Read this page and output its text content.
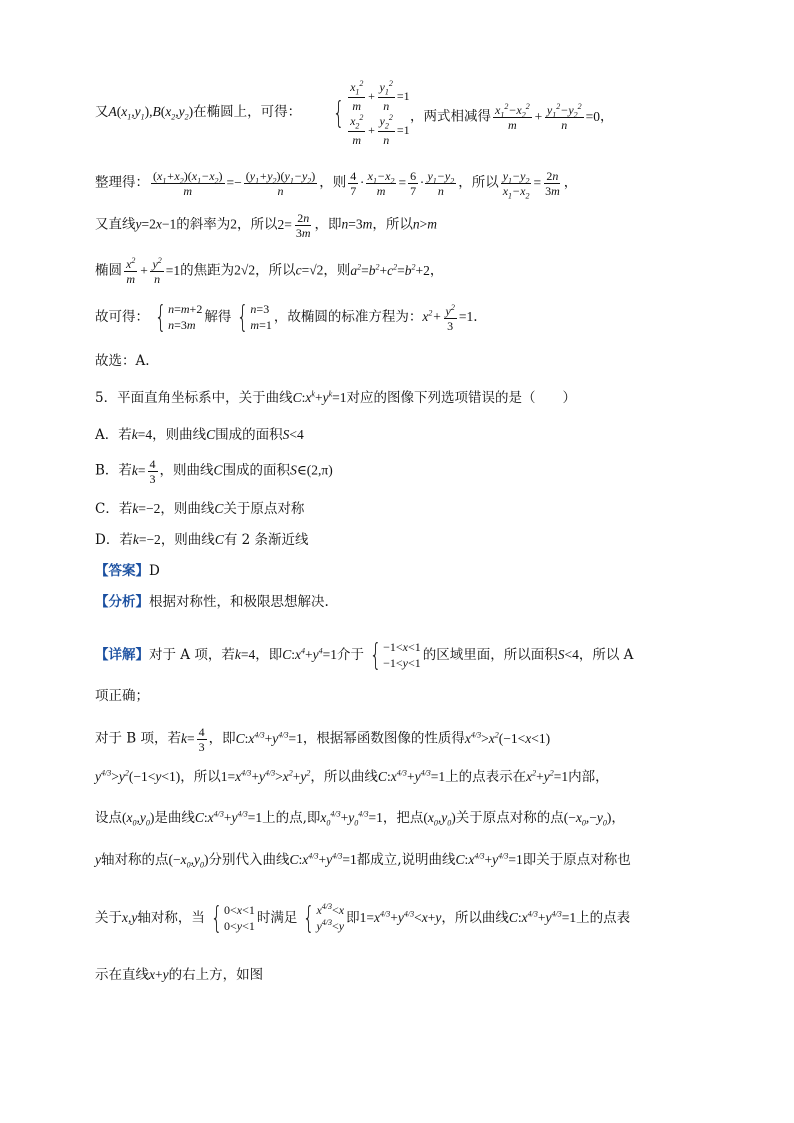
又$A(x_1,y_1),B(x_2,y_2)$在椭圆上，可得： { $\frac{x_1^2}{m} + \frac{y_1^2}{n} =1$
$\frac{x_2^2}{m} + \frac{y_2^2}{n} =1$
，两式相减得 $\frac{x_1^2-x_2^2}{m} + \frac{y_1^2-y_2^2}{n} =0$，
整理得： $\frac{(x_1+x_2)(x_1-x_2)}{m} =- \frac{(y_1+y_2)(y_1-y_2)}{n}$ ，则 $\frac{4}{7} \cdot \frac{x_1-x_2}{m} = \frac{6}{7} \cdot \frac{y_1-y_2}{n}$ ，所以 $\frac{y_1-y_2}{x_1-x_2} = \frac{2n}{3m}$ ，
又直线y=2x−1的斜率为2，所以$2= \frac{2n}{3m}$ ，即n=3m，所以n>m
椭圆 $\frac{x^2}{m} + \frac{y^2}{n} =1$的焦距为2√2，所以c=√2，则$a^2=b^2+c^2=b^2+2$，
故可得： { n=m+2
n=3m 解得 { n=3
m=1 ，故椭圆的标准方程为：$x^2+ \frac{y^2}{3} =1$.
故选：A.
5．平面直角坐标系中，关于曲线$C:x^k+y^k=1$对应的图像下列选项错误的是（　　）
A．若k=4，则曲线C围成的面积S<4
B．若$k= \frac{4}{3}$ ，则曲线C围成的面积S∈(2,π)
C．若k=−2，则曲线C关于原点对称
D．若k=−2，则曲线C有 2 条渐近线
【答案】D
【分析】根据对称性，和极限思想解决.
【详解】对于 A 项，若k=4，即$C:x^4+y^4=1$介于 { −1<x<1
−1<y<1 的区域里面，所以面积S<4，所以 A
项正确；
对于 B 项，若$k= \frac{4}{3}$ ，即$C:x^{4/3}+y^{4/3}=1$，根据幂函数图像的性质得$x^{4/3}>x^2(-1<x<1)$
$y^{4/3}>y^2(-1<y<1)$，所以$1=x^{4/3}+y^{4/3}>x^2+y^2$，所以曲线$C:x^{4/3}+y^{4/3}=1$上的点表示在$x^2+y^2=1$内部，
设点$(x_0,y_0)$是曲线$C:x^{4/3}+y^{4/3}=1$上的点,即$x_0^{4/3}+y_0^{4/3}=1$，把点$(x_0,y_0)$关于原点对称的点$(-x_0,-y_0)$，
y轴对称的点$(-x_0,y_0)$分别代入曲线$C:x^{4/3}+y^{4/3}=1$都成立,说明曲线$C:x^{4/3}+y^{4/3}=1$即关于原点对称也
关于x,y轴对称，当 { 0<x<1
0<y<1 时满足 { $x^{4/3}<x$
$y^{4/3}<y$ 即$1=x^{4/3}+y^{4/3}<x+y$，所以曲线$C:x^{4/3}+y^{4/3}=1$上的点表
示在直线x+y的右上方，如图
